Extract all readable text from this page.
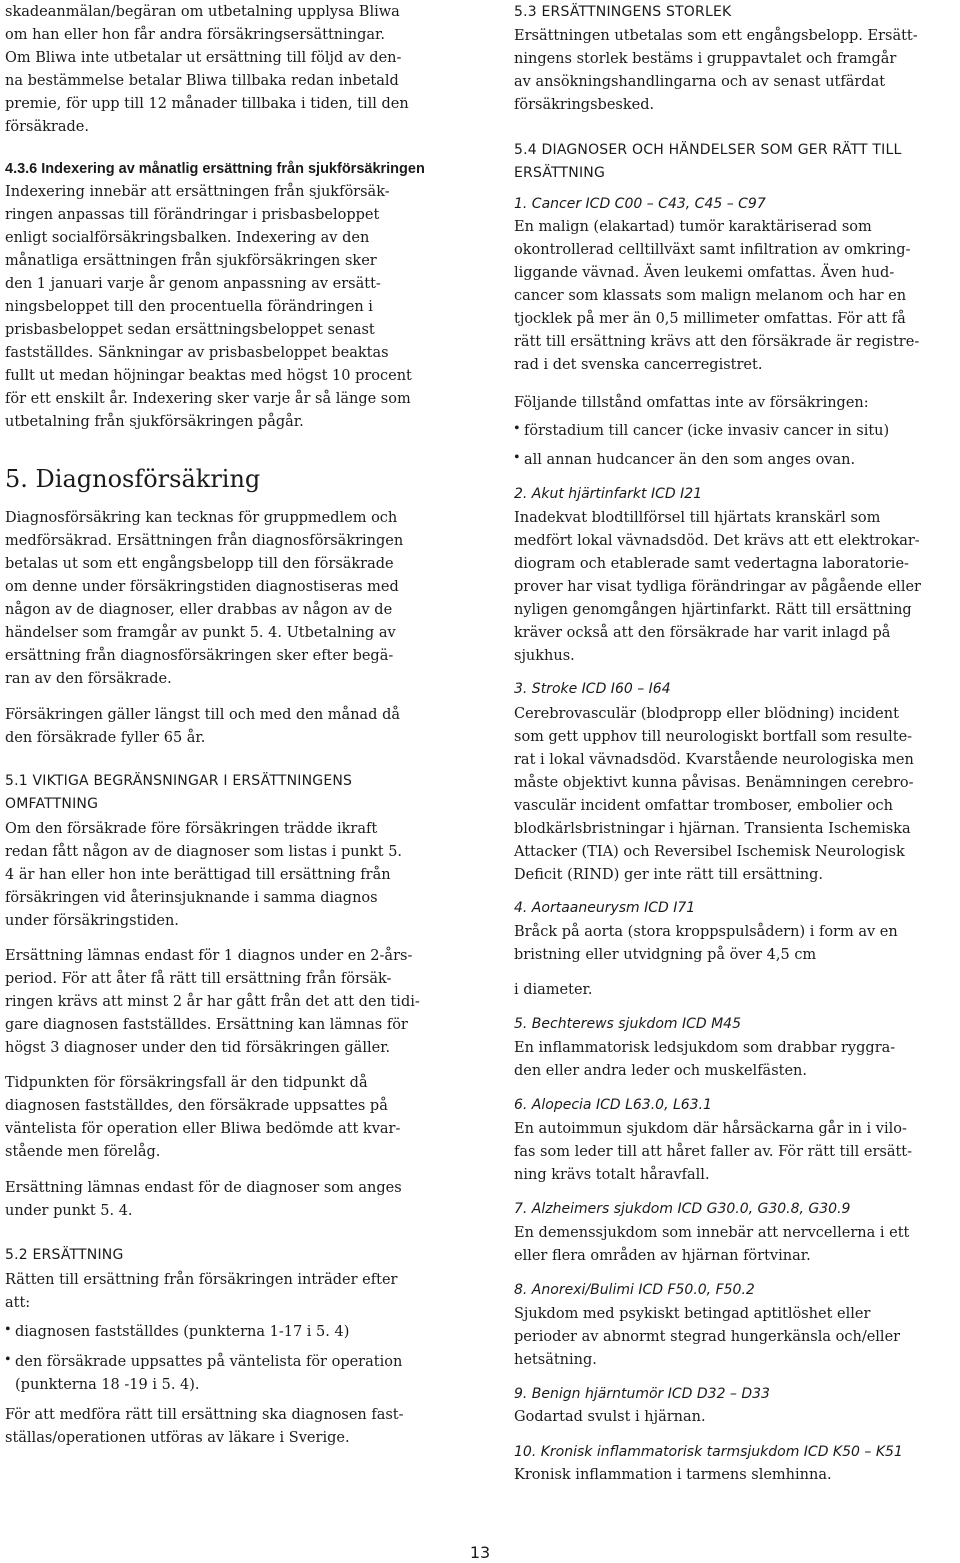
skadeanmälan/begäran om utbetalning upplysa Bliwa
om han eller hon får andra försäkringsersättningar.
Om Bliwa inte utbetalar ut ersättning till följd av den-
na bestämmelse betalar Bliwa tillbaka redan inbetald
premie, för upp till 12 månader tillbaka i tiden, till den
försäkrade.

4.3.6 Indexering av månatlig ersättning från sjukförsäkringen

Indexering innebär att ersättningen från sjukförsäk-
ringen anpassas till förändringar i prisbasbeloppet
enligt socialförsäkringsbalken. Indexering av den
månatliga ersättningen från sjukförsäkringen sker
den 1 januari varje år genom anpassning av ersätt-
ningsbeloppet till den procentuella förändringen i
prisbasbeloppet sedan ersättningsbeloppet senast
fastställdes. Sänkningar av prisbasbeloppet beaktas
fullt ut medan höjningar beaktas med högst 10 procent
för ett enskilt år. Indexering sker varje år så länge som
utbetalning från sjukförsäkringen pågår.

5. Diagnosförsäkring

Diagnosförsäkring kan tecknas för gruppmedlem och
medförsäkrad. Ersättningen från diagnosförsäkringen
betalas ut som ett engångsbelopp till den försäkrade
om denne under försäkringstiden diagnostiseras med
någon av de diagnoser, eller drabbas av någon av de
händelser som framgår av punkt 5. 4. Utbetalning av
ersättning från diagnosförsäkringen sker efter begä-
ran av den försäkrade.

Försäkringen gäller längst till och med den månad då
den försäkrade fyller 65 år.

5.1 VIKTIGA BEGRÄNSNINGAR I ERSÄTTNINGENS
OMFATTNING

Om den försäkrade före försäkringen trädde ikraft
redan fått någon av de diagnoser som listas i punkt 5.
4 är han eller hon inte berättigad till ersättning från
försäkringen vid återinsjuknande i samma diagnos
under försäkringstiden.

Ersättning lämnas endast för 1 diagnos under en 2-års-
period. För att åter få rätt till ersättning från försäk-
ringen krävs att minst 2 år har gått från det att den tidi-
gare diagnosen fastställdes. Ersättning kan lämnas för
högst 3 diagnoser under den tid försäkringen gäller.

Tidpunkten för försäkringsfall är den tidpunkt då
diagnosen fastställdes, den försäkrade uppsattes på
väntelista för operation eller Bliwa bedömde att kvar-
stående men förelåg.

Ersättning lämnas endast för de diagnoser som anges
under punkt 5. 4.

5.2 ERSÄTTNING

Rätten till ersättning från försäkringen inträder efter
att:

• diagnosen fastställdes (punkterna 1-17 i 5. 4)

• den försäkrade uppsattes på väntelista för operation
(punkterna 18 -19 i 5. 4).

För att medföra rätt till ersättning ska diagnosen fast-
ställas/operationen utföras av läkare i Sverige.

5.3 ERSÄTTNINGENS STORLEK

Ersättningen utbetalas som ett engångsbelopp. Ersätt-
ningens storlek bestäms i gruppavtalet och framgår
av ansökningshandlingarna och av senast utfärdat
försäkringsbesked.

5.4 DIAGNOSER OCH HÄNDELSER SOM GER RÄTT TILL
ERSÄTTNING

1. Cancer ICD C00 – C43, C45 – C97

En malign (elakartad) tumör karaktäriserad som
okontrollerad celltillväxt samt infiltration av omkring-
liggande vävnad. Även leukemi omfattas. Även hud-
cancer som klassats som malign melanom och har en
tjocklek på mer än 0,5 millimeter omfattas. För att få
rätt till ersättning krävs att den försäkrade är registre-
rad i det svenska cancerregistret.

Följande tillstånd omfattas inte av försäkringen:

• förstadium till cancer (icke invasiv cancer in situ)

• all annan hudcancer än den som anges ovan.

2. Akut hjärtinfarkt ICD I21

Inadekvat blodtillförsel till hjärtats kranskärl som
medfört lokal vävnadsdöd. Det krävs att ett elektrokar-
diogram och etablerade samt vedertagna laboratorie-
prover har visat tydliga förändringar av pågående eller
nyligen genomgången hjärtinfarkt. Rätt till ersättning
kräver också att den försäkrade har varit inlagd på
sjukhus.

3. Stroke ICD I60 – I64

Cerebrovasculär (blodpropp eller blödning) incident
som gett upphov till neurologiskt bortfall som resulte-
rat i lokal vävnadsdöd. Kvarstående neurologiska men
måste objektivt kunna påvisas. Benämningen cerebro-
vasculär incident omfattar tromboser, embolier och
blodkärlsbristningar i hjärnan. Transienta Ischemiska
Attacker (TIA) och Reversibel Ischemisk Neurologisk
Deficit (RIND) ger inte rätt till ersättning.

4. Aortaaneurysm ICD I71

Bråck på aorta (stora kroppspulsådern) i form av en
bristning eller utvidgning på över 4,5 cm

i diameter.

5. Bechterews sjukdom ICD M45

En inflammatorisk ledsjukdom som drabbar ryggra-
den eller andra leder och muskelfästen.

6. Alopecia ICD L63.0, L63.1

En autoimmun sjukdom där hårsäckarna går in i vilo-
fas som leder till att håret faller av. För rätt till ersätt-
ning krävs totalt håravfall.

7. Alzheimers sjukdom ICD G30.0, G30.8, G30.9

En demenssjukdom som innebär att nervcellerna i ett
eller flera områden av hjärnan förtvinar.

8. Anorexi/Bulimi ICD F50.0, F50.2

Sjukdom med psykiskt betingad aptitlöshet eller
perioder av abnormt stegrad hungerkänsla och/eller
hetsätning.

9. Benign hjärntumör ICD D32 – D33

Godartad svulst i hjärnan.

10. Kronisk inflammatorisk tarmsjukdom ICD K50 – K51

Kronisk inflammation i tarmens slemhinna.

13
